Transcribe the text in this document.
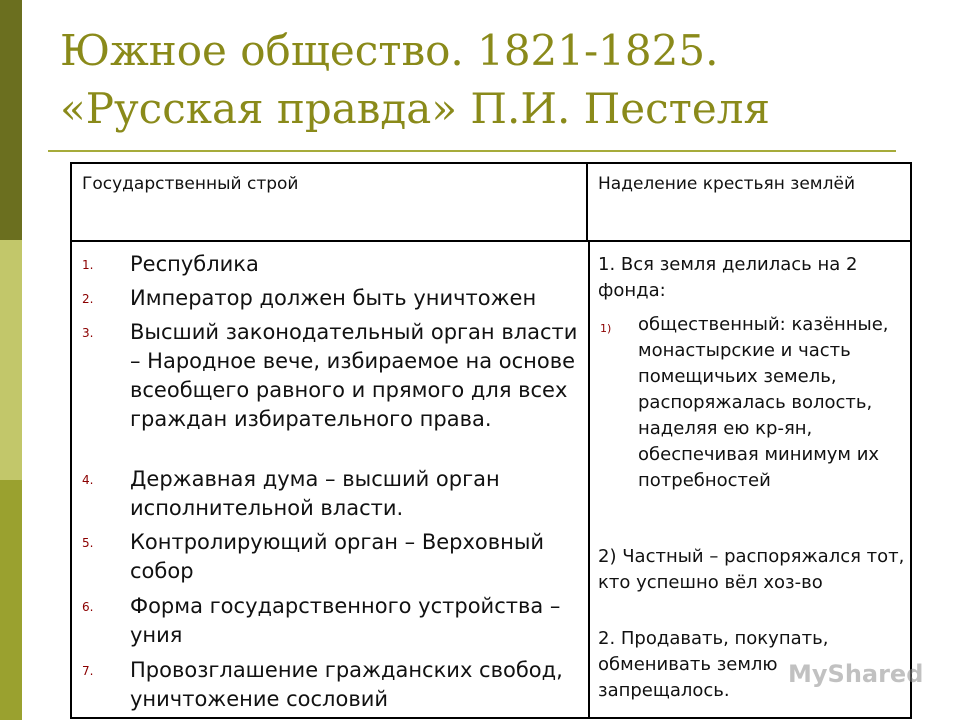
Южное общество. 1821-1825.
«Русская правда» П.И. Пестеля
Государственный строй	Наделение крестьян землёй
1. Республика
2. Император должен быть уничтожен
3. Высший законодательный орган власти – Народное вече, избираемое на основе всеобщего равного и прямого для всех граждан избирательного права.
4. Державная дума – высший орган исполнительной власти.
5. Контролирующий орган – Верховный собор
6. Форма государственного устройства – уния
7. Провозглашение гражданских свобод, уничтожение сословий
1. Вся земля делилась на 2 фонда:
1) общественный: казённые, монастырские и часть помещичьих земель, распоряжалась волость, наделяя ею кр-ян, обеспечивая минимум их потребностей
2) Частный – распоряжался тот, кто успешно вёл хоз-во
2. Продавать, покупать, обменивать землю запрещалось.
MyShared
